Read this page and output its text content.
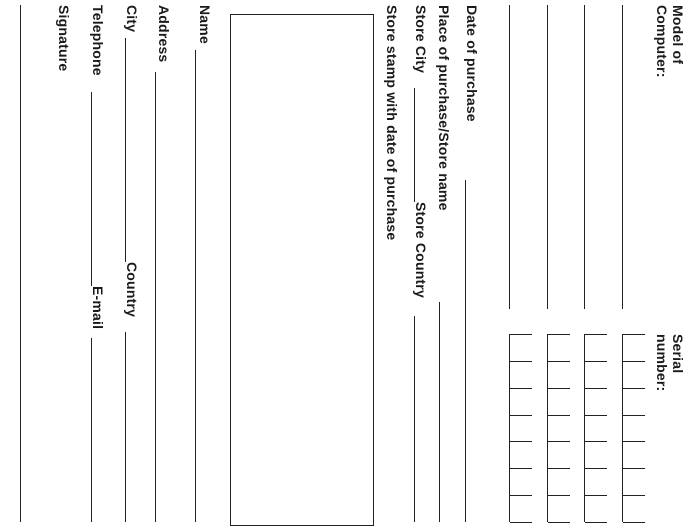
Model of
Computer:
Serial
number:
Date of purchase
Place of purchase/Store name
Store City
Store Country
Store stamp with date of purchase
Name
Address
City
Country
Telephone
E-mail
Signature
